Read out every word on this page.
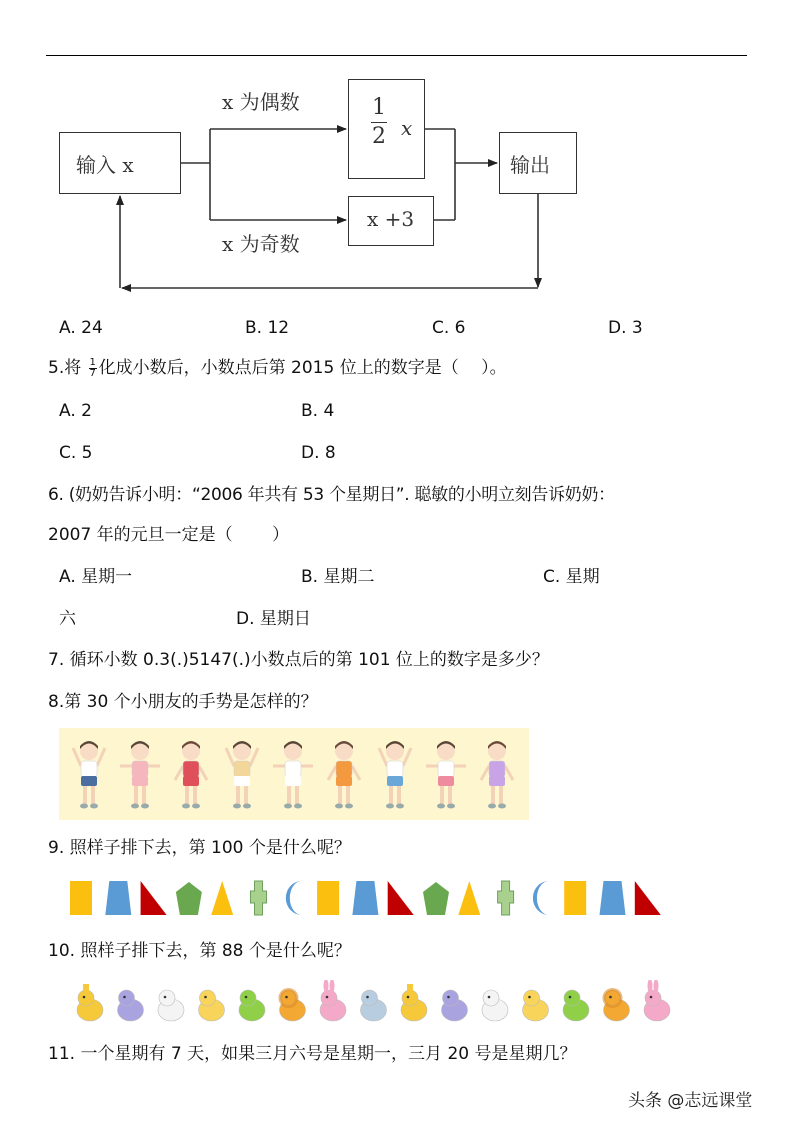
输入 x
x 为偶数
x 为奇数
1
2 x
x +3
输出
A. 24	B. 12	C. 6	D. 3
5.将 $\frac{1}{7}$ 化成小数后，小数点后第 2015 位上的数字是（　 ）。
A. 2	B. 4
C. 5	D. 8
6. (奶奶告诉小明：“2006 年共有 53 个星期日”. 聪敏的小明立刻告诉奶奶：
2007 年的元旦一定是（　　 ）
A. 星期一	B. 星期二	C. 星期
六	D. 星期日
7. 循环小数 0.3(.)5147(.)小数点后的第 101 位上的数字是多少？
8.第 30 个小朋友的手势是怎样的？
9. 照样子排下去，第 100 个是什么呢？
10. 照样子排下去，第 88 个是什么呢？
11. 一个星期有 7 天，如果三月六号是星期一，三月 20 号是星期几？
头条 @志远课堂
